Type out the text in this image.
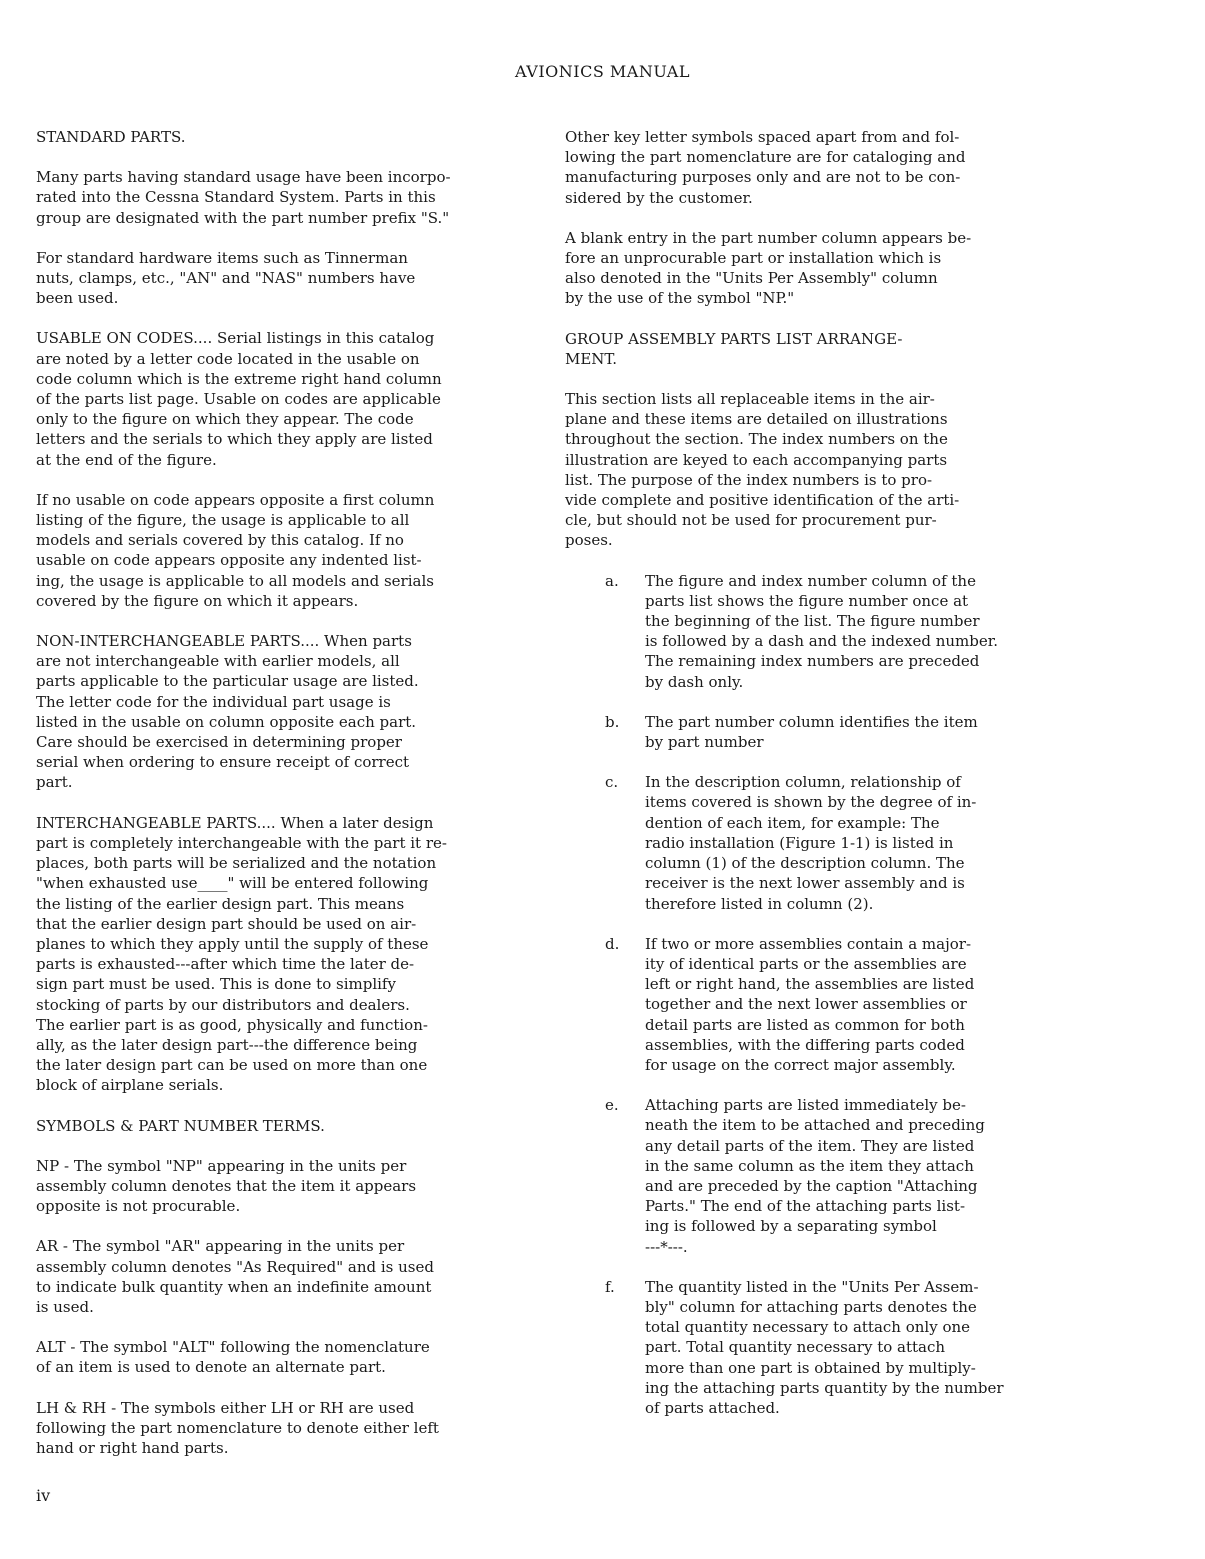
AVIONICS MANUAL

STANDARD PARTS.

Many parts having standard usage have been incorpo-
rated into the Cessna Standard System. Parts in this
group are designated with the part number prefix "S."

For standard hardware items such as Tinnerman
nuts, clamps, etc., "AN" and "NAS" numbers have
been used.

USABLE ON CODES.... Serial listings in this catalog
are noted by a letter code located in the usable on
code column which is the extreme right hand column
of the parts list page. Usable on codes are applicable
only to the figure on which they appear. The code
letters and the serials to which they apply are listed
at the end of the figure.

If no usable on code appears opposite a first column
listing of the figure, the usage is applicable to all
models and serials covered by this catalog. If no
usable on code appears opposite any indented list-
ing, the usage is applicable to all models and serials
covered by the figure on which it appears.

NON-INTERCHANGEABLE PARTS.... When parts
are not interchangeable with earlier models, all
parts applicable to the particular usage are listed.
The letter code for the individual part usage is
listed in the usable on column opposite each part.
Care should be exercised in determining proper
serial when ordering to ensure receipt of correct
part.

INTERCHANGEABLE PARTS.... When a later design
part is completely interchangeable with the part it re-
places, both parts will be serialized and the notation
"when exhausted use____" will be entered following
the listing of the earlier design part. This means
that the earlier design part should be used on air-
planes to which they apply until the supply of these
parts is exhausted---after which time the later de-
sign part must be used. This is done to simplify
stocking of parts by our distributors and dealers.
The earlier part is as good, physically and function-
ally, as the later design part---the difference being
the later design part can be used on more than one
block of airplane serials.

SYMBOLS & PART NUMBER TERMS.

NP - The symbol "NP" appearing in the units per
assembly column denotes that the item it appears
opposite is not procurable.

AR - The symbol "AR" appearing in the units per
assembly column denotes "As Required" and is used
to indicate bulk quantity when an indefinite amount
is used.

ALT - The symbol "ALT" following the nomenclature
of an item is used to denote an alternate part.

LH & RH - The symbols either LH or RH are used
following the part nomenclature to denote either left
hand or right hand parts.

Other key letter symbols spaced apart from and fol-
lowing the part nomenclature are for cataloging and
manufacturing purposes only and are not to be con-
sidered by the customer.

A blank entry in the part number column appears be-
fore an unprocurable part or installation which is
also denoted in the "Units Per Assembly" column
by the use of the symbol "NP."

GROUP ASSEMBLY PARTS LIST ARRANGE-
MENT.

This section lists all replaceable items in the air-
plane and these items are detailed on illustrations
throughout the section. The index numbers on the
illustration are keyed to each accompanying parts
list. The purpose of the index numbers is to pro-
vide complete and positive identification of the arti-
cle, but should not be used for procurement pur-
poses.

a.	The figure and index number column of the
parts list shows the figure number once at
the beginning of the list. The figure number
is followed by a dash and the indexed number.
The remaining index numbers are preceded
by dash only.
b.	The part number column identifies the item
by part number
c.	In the description column, relationship of
items covered is shown by the degree of in-
dention of each item, for example: The
radio installation (Figure 1-1) is listed in
column (1) of the description column. The
receiver is the next lower assembly and is
therefore listed in column (2).
d.	If two or more assemblies contain a major-
ity of identical parts or the assemblies are
left or right hand, the assemblies are listed
together and the next lower assemblies or
detail parts are listed as common for both
assemblies, with the differing parts coded
for usage on the correct major assembly.
e.	Attaching parts are listed immediately be-
neath the item to be attached and preceding
any detail parts of the item. They are listed
in the same column as the item they attach
and are preceded by the caption "Attaching
Parts." The end of the attaching parts list-
ing is followed by a separating symbol
---*---.
f.	The quantity listed in the "Units Per Assem-
bly" column for attaching parts denotes the
total quantity necessary to attach only one
part. Total quantity necessary to attach
more than one part is obtained by multiply-
ing the attaching parts quantity by the number
of parts attached.
iv
